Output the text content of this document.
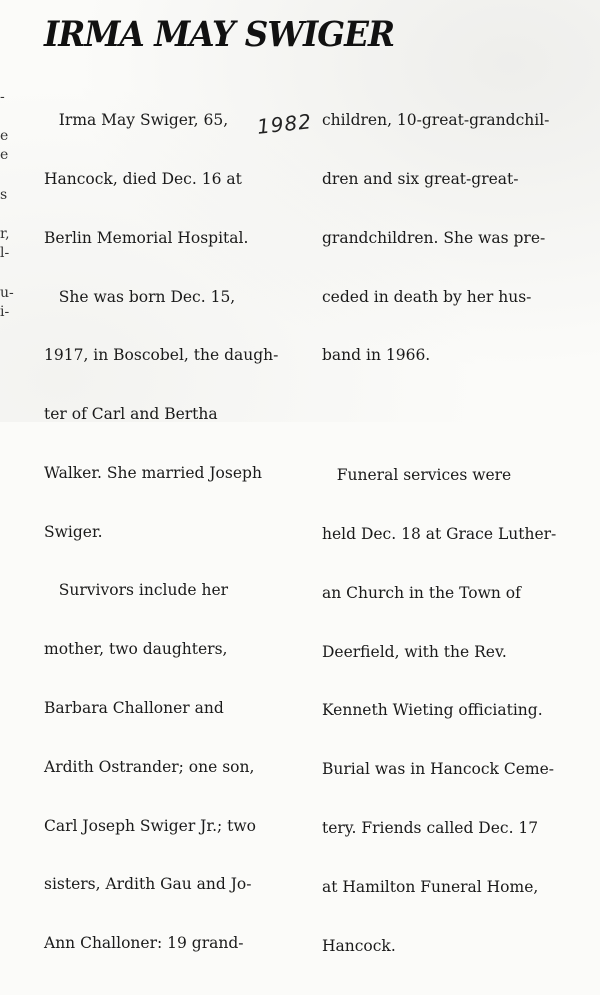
IRMA MAY SWIGER
-
e
e
s
r,
l-
u-
i-

Irma May Swiger, 65,

Hancock, died Dec. 16 at

Berlin Memorial Hospital.

She was born Dec. 15,

1917, in Boscobel, the daugh-

ter of Carl and Bertha

Walker. She married Joseph

Swiger.

Survivors include her

mother, two daughters,

Barbara Challoner and

Ardith Ostrander; one son,

Carl Joseph Swiger Jr.; two

sisters, Ardith Gau and Jo-

Ann Challoner: 19 grand-

1982

children, 10-great-grandchil-

dren and six great-great-

grandchildren. She was pre-

ceded in death by her hus-

band in 1966.

Funeral services were

held Dec. 18 at Grace Luther-

an Church in the Town of

Deerfield, with the Rev.

Kenneth Wieting officiating.

Burial was in Hancock Ceme-

tery. Friends called Dec. 17

at Hamilton Funeral Home,

Hancock.
